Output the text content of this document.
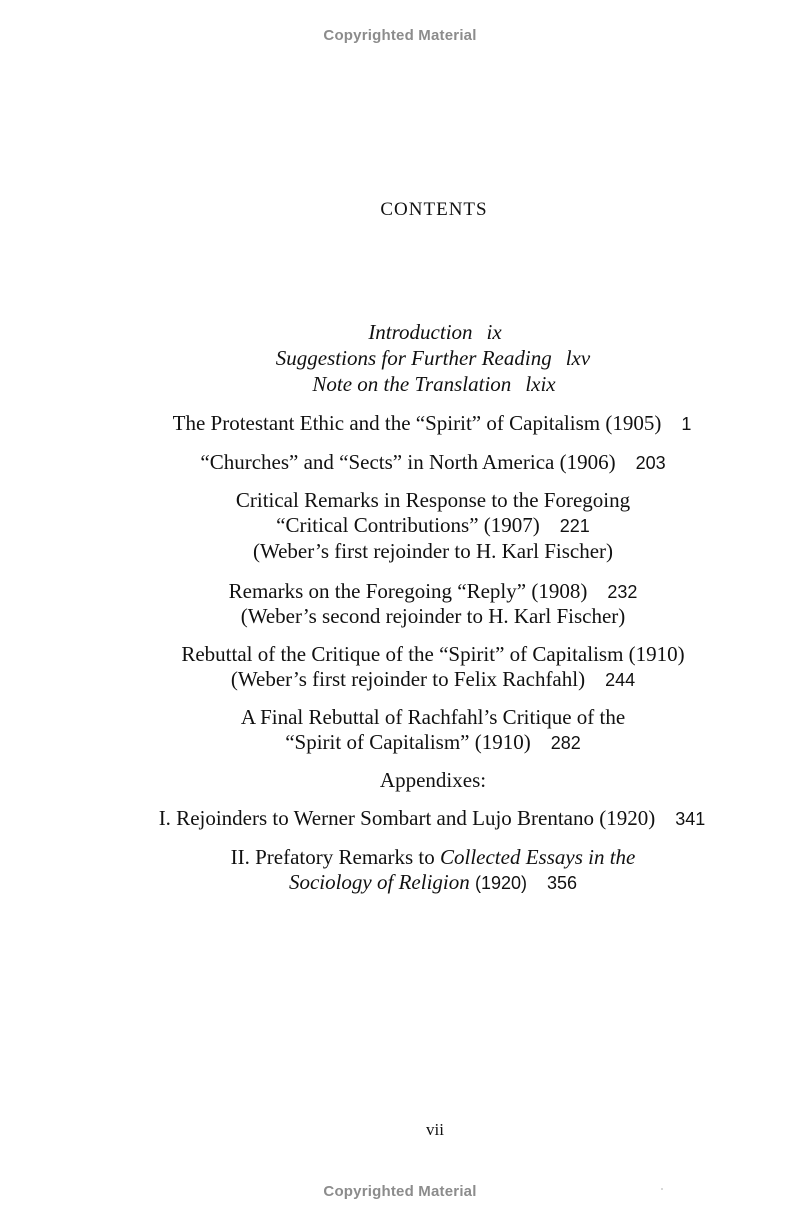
Copyrighted Material
CONTENTS
Introduction ix
Suggestions for Further Reading lxv
Note on the Translation lxix
The Protestant Ethic and the “Spirit” of Capitalism (1905) 1
“Churches” and “Sects” in North America (1906) 203
Critical Remarks in Response to the Foregoing
“Critical Contributions” (1907) 221
(Weber’s first rejoinder to H. Karl Fischer)
Remarks on the Foregoing “Reply” (1908) 232
(Weber’s second rejoinder to H. Karl Fischer)
Rebuttal of the Critique of the “Spirit” of Capitalism (1910)
(Weber’s first rejoinder to Felix Rachfahl) 244
A Final Rebuttal of Rachfahl’s Critique of the
“Spirit of Capitalism” (1910) 282
Appendixes:
I. Rejoinders to Werner Sombart and Lujo Brentano (1920) 341
II. Prefatory Remarks to Collected Essays in the
Sociology of Religion (1920) 356
vii
Copyrighted Material
